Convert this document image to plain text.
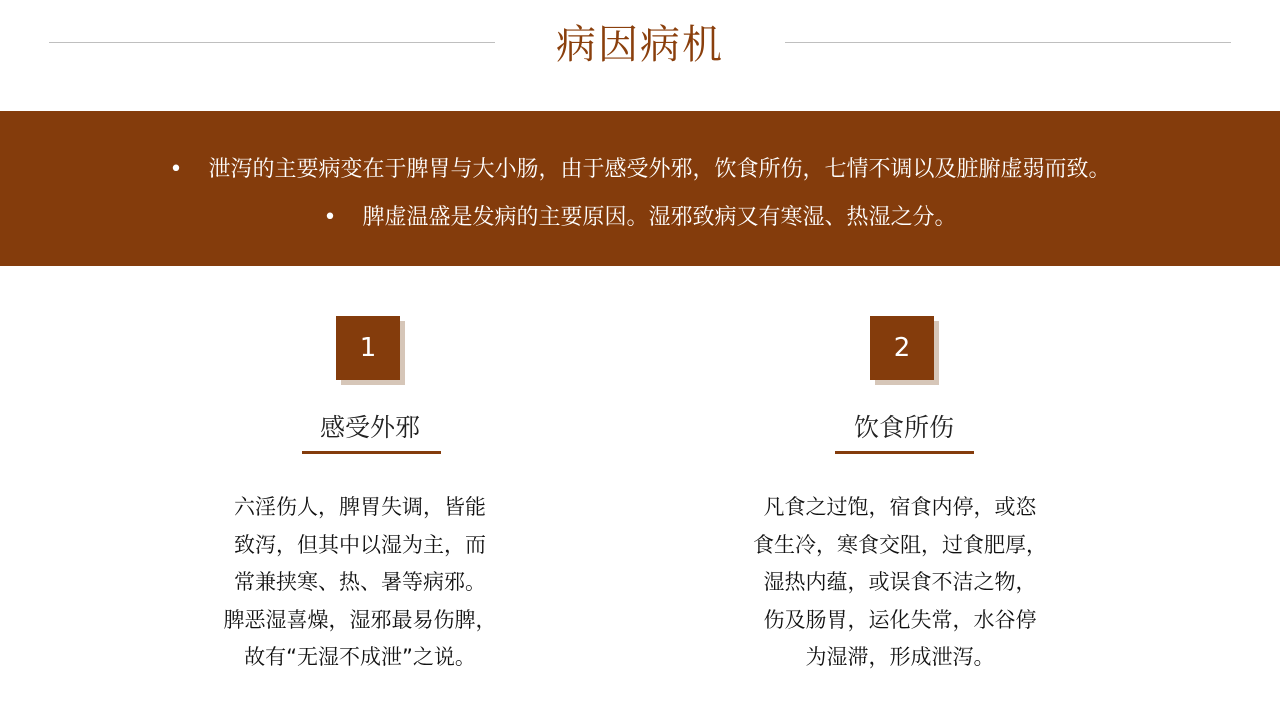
病因病机
• 泄泻的主要病变在于脾胃与大小肠，由于感受外邪，饮食所伤，七情不调以及脏腑虚弱而致。
• 脾虚温盛是发病的主要原因。湿邪致病又有寒湿、热湿之分。
1
感受外邪
六淫伤人，脾胃失调，皆能
致泻，但其中以湿为主，而
常兼挟寒、热、暑等病邪。
脾恶湿喜燥，湿邪最易伤脾，
故有“无湿不成泄”之说。
2
饮食所伤
凡食之过饱，宿食内停，或恣
食生冷，寒食交阻，过食肥厚，
湿热内蕴，或误食不洁之物，
伤及肠胃，运化失常，水谷停
为湿滞，形成泄泻。
